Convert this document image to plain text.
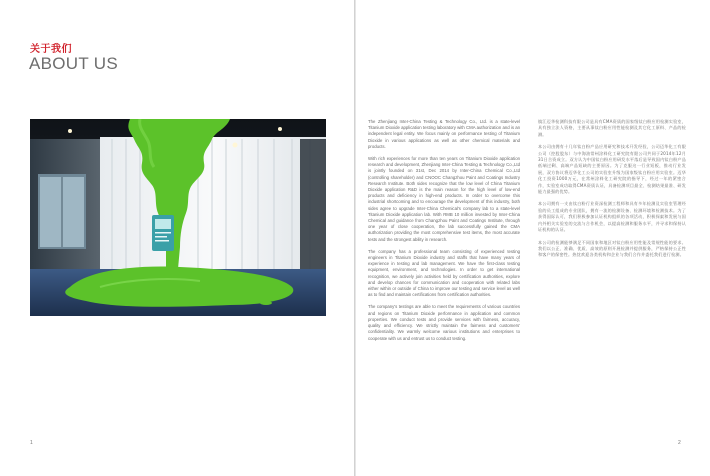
关于我们
ABOUT US
1	2

The Zhenjiang Inter-China Testing & Technology Co., Ltd. is a state-level Titanium Dioxide application testing laboratory with CMA authorization and is an independent legal entity. We focus mainly on performance testing of Titanium Dioxide in various applications as well as other chemical materials and products.

With rich experiences for more than ten years on Titanium Dioxide application research and development, Zhenjiang Inter-China Testing & Technology Co.,Ltd is jointly founded on 31st, Dec 2014 by Inter-China Chemical Co.,Ltd (controlling shareholder) and CNOOC Changzhou Paint and Coatings Industry Research Institute. Both sides recognize that the low level of China Titanium Dioxide application R&D is the main reason for the high level of low-end products and deficiency in high-end products. In order to overcome this industrial shortcoming and to encourage the development of this industry, both sides agree to upgrade Inter-China Chemical's company lab to a state-level Titanium Dioxide application lab. With RMB 10 million invested by Inter-China Chemical and guidance from Changzhou Paint and Coatings Institute, through one year of close cooperation, the lab successfully gained the CMA authorization providing the most comprehensive test items, the most accurate tests and the strongest ability in research.

The company has a professional team consisting of experienced testing engineers in Titanium Dioxide industry and staffs that have many years of experience in testing and lab management. We have the first-class testing equipment, environment, and technologies. In order to get international recognition, we actively join activities held by certification authorities, explore and develop chances for communication and cooperation with related labs either within or outside of China to improve our testing and service level as well as to find and maintain certifications from certification authorities.

The company's testings are able to meet the requirements of various countries and regions on Titanium Dioxide performance in application and common properties. We conduct tests and provide services with fairness, accuracy, quality and efficiency. We strictly maintain the fairness and customers' confidentiality. We warmly welcome various institutions and enterprises to cooperate with us and entrust us to conduct testing.

镇江迈华检测科技有限公司是具有CMA资质的国家级钛白粉应用检测实验室，具有独立法人资格，主要从事钛白粉应用性能检测及其它化工原料、产品的检测。

本公司由拥有十几年钛白粉产品应用研究和技术开发经验，公司迈华化工有限公司（控股股东）与中海油常州涂料化工研究院有限公司共同于2014年12月31日合资成立。双方认为中国钛白粉应用研发水平落后是导致国内钛白粉产品低端过剩、高端产品短缺的主要原因。为了克服这一行业短板，推动行业发展，双方协议将迈华化工公司的实验室升级为国家级钛白粉应用实验室。迈华化工投资1000万元，在常州涂料化工研究院的指导下，经过一年的紧密合作，实验室成功取得CMA资质认证，具备检测项目最全、检测结果最准、研发能力最强的优势。

本公司拥有一支由钛白粉行业资深检测工程师和具有多年检测及实验室管理经验的员工组成的专业团队，拥有一流的检测设备、检测环境和检测技术。为了获得国际认可，我们积极参加认证机构组织的各项活动，积极探索和发展与国内外相关实验室的交流与合作机会，以提高检测和服务水平，并寻求和保持认证机构的认证。

本公司的检测能够满足不同国家和地区对钛白粉应用性能及常规性能的要求。我们以公正、准确、优质、高效的原则开展检测并提供服务，严格保持公正性和客户的保密性。热忱欢迎各类机构和企业与我们合作并委托我们进行检测。
